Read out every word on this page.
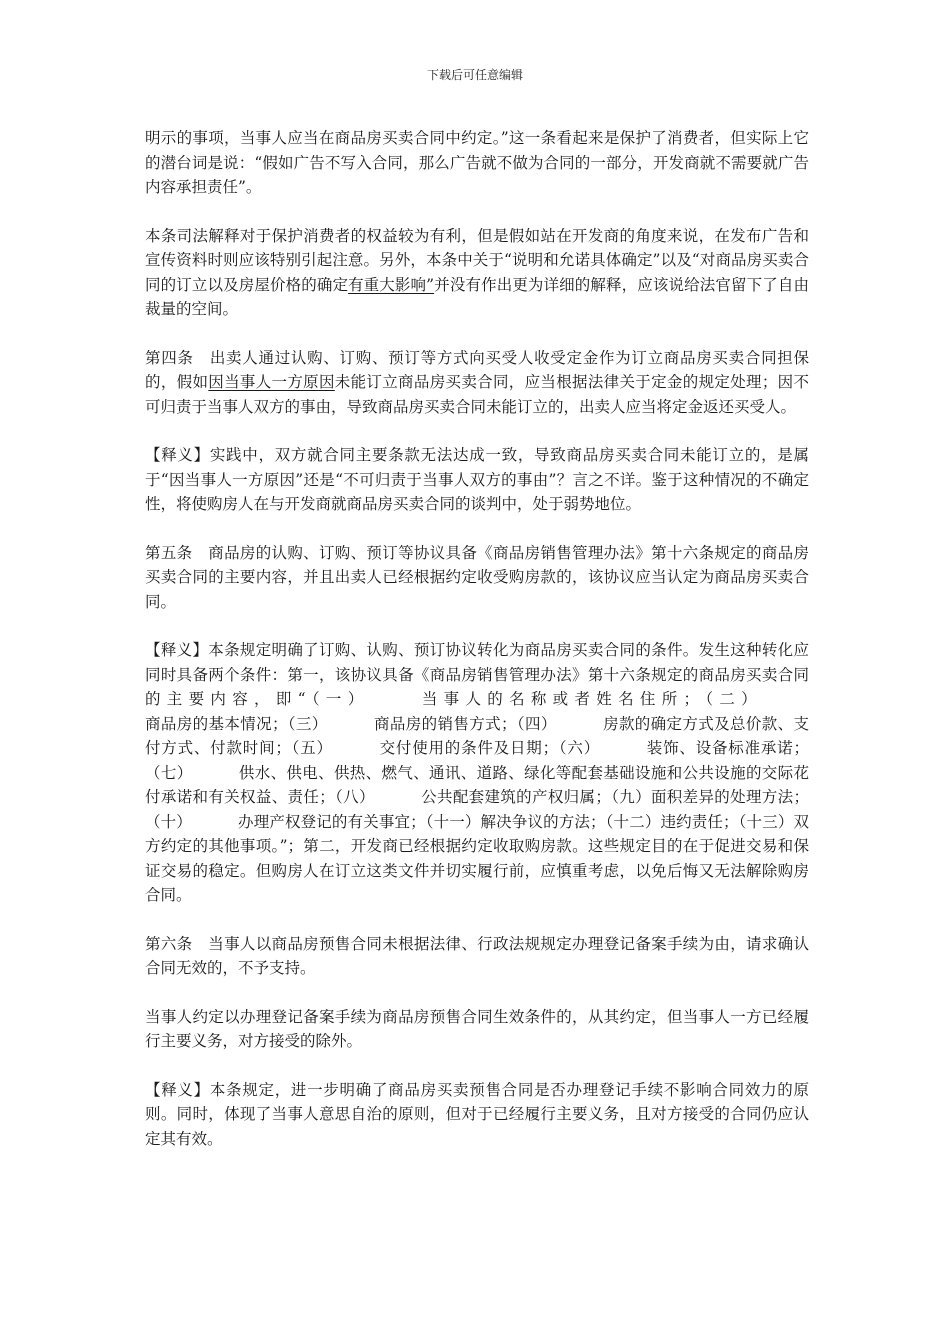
下载后可任意编辑

明示的事项，当事人应当在商品房买卖合同中约定。”这一条看起来是保护了消费者，但实际上它的潜台词是说：“假如广告不写入合同，那么广告就不做为合同的一部分，开发商就不需要就广告内容承担责任”。

本条司法解释对于保护消费者的权益较为有利，但是假如站在开发商的角度来说，在发布广告和宣传资料时则应该特别引起注意。另外，本条中关于“说明和允诺具体确定”以及“对商品房买卖合同的订立以及房屋价格的确定有重大影响”并没有作出更为详细的解释，应该说给法官留下了自由裁量的空间。

第四条　出卖人通过认购、订购、预订等方式向买受人收受定金作为订立商品房买卖合同担保的，假如因当事人一方原因未能订立商品房买卖合同，应当根据法律关于定金的规定处理；因不可归责于当事人双方的事由，导致商品房买卖合同未能订立的，出卖人应当将定金返还买受人。

【释义】实践中，双方就合同主要条款无法达成一致，导致商品房买卖合同未能订立的，是属于“因当事人一方原因”还是“不可归责于当事人双方的事由”？言之不详。鉴于这种情况的不确定性，将使购房人在与开发商就商品房买卖合同的谈判中，处于弱势地位。

第五条　商品房的认购、订购、预订等协议具备《商品房销售管理办法》第十六条规定的商品房买卖合同的主要内容，并且出卖人已经根据约定收受购房款的，该协议应当认定为商品房买卖合同。

【释义】本条规定明确了订购、认购、预订协议转化为商品房买卖合同的条件。发生这种转化应同时具备两个条件：第一，该协议具备《商品房销售管理办法》第十六条规定的商品房买卖合同的主要内容，即“（一）	当事人的名称或者姓名住所；（二）商品房的基本情况；（三）	商品房的销售方式；（四）	房款的确定方式及总价款、支付方式、付款时间；（五）	交付使用的条件及日期；（六）	装饰、设备标准承诺；（七）	供水、供电、供热、燃气、通讯、道路、绿化等配套基础设施和公共设施的交际花付承诺和有关权益、责任；（八）	公共配套建筑的产权归属；（九）面积差异的处理方法；（十）	办理产权登记的有关事宜；（十一）解决争议的方法；（十二）违约责任；（十三）双方约定的其他事项。”；第二，开发商已经根据约定收取购房款。这些规定目的在于促进交易和保证交易的稳定。但购房人在订立这类文件并切实履行前，应慎重考虑，以免后悔又无法解除购房合同。

第六条　当事人以商品房预售合同未根据法律、行政法规规定办理登记备案手续为由，请求确认合同无效的，不予支持。

当事人约定以办理登记备案手续为商品房预售合同生效条件的，从其约定，但当事人一方已经履行主要义务，对方接受的除外。

【释义】本条规定，进一步明确了商品房买卖预售合同是否办理登记手续不影响合同效力的原则。同时，体现了当事人意思自治的原则，但对于已经履行主要义务，且对方接受的合同仍应认定其有效。
